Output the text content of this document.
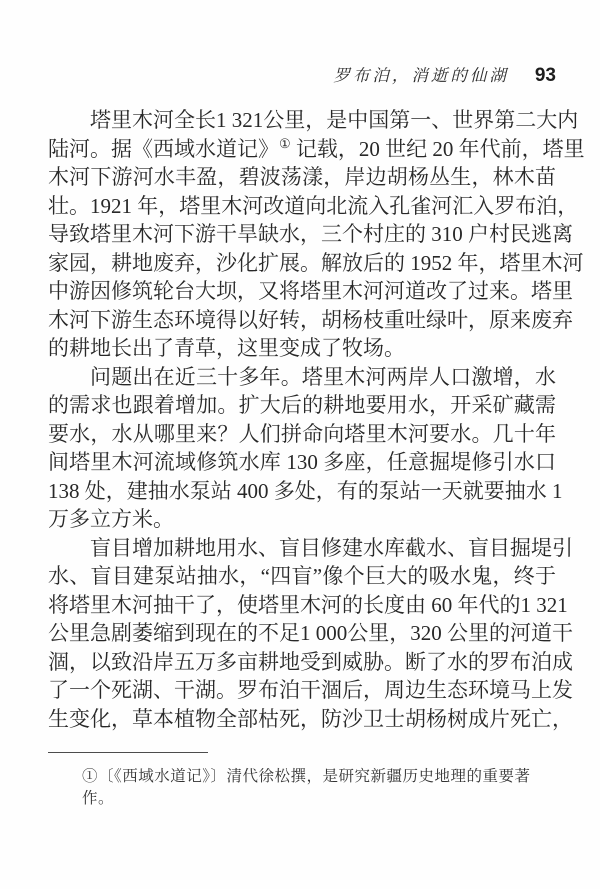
罗布泊，消逝的仙湖 93

塔里木河全长1 321公里，是中国第一、世界第二大内
陆河。据《西域水道记》① 记载，20 世纪 20 年代前，塔里
木河下游河水丰盈，碧波荡漾，岸边胡杨丛生，林木苗
壮。1921 年，塔里木河改道向北流入孔雀河汇入罗布泊，
导致塔里木河下游干旱缺水，三个村庄的 310 户村民逃离
家园，耕地废弃，沙化扩展。解放后的 1952 年，塔里木河
中游因修筑轮台大坝，又将塔里木河河道改了过来。塔里
木河下游生态环境得以好转，胡杨枝重吐绿叶，原来废弃
的耕地长出了青草，这里变成了牧场。

问题出在近三十多年。塔里木河两岸人口激增，水
的需求也跟着增加。扩大后的耕地要用水，开采矿藏需
要水，水从哪里来？人们拼命向塔里木河要水。几十年
间塔里木河流域修筑水库 130 多座，任意掘堤修引水口
138 处，建抽水泵站 400 多处，有的泵站一天就要抽水 1
万多立方米。

盲目增加耕地用水、盲目修建水库截水、盲目掘堤引
水、盲目建泵站抽水，“四盲”像个巨大的吸水鬼，终于
将塔里木河抽干了，使塔里木河的长度由 60 年代的1 321
公里急剧萎缩到现在的不足1 000公里，320 公里的河道干
涸，以致沿岸五万多亩耕地受到威胁。断了水的罗布泊成
了一个死湖、干湖。罗布泊干涸后，周边生态环境马上发
生变化，草本植物全部枯死，防沙卫士胡杨树成片死亡，

①〔《西域水道记》〕清代徐松撰，是研究新疆历史地理的重要著作。
